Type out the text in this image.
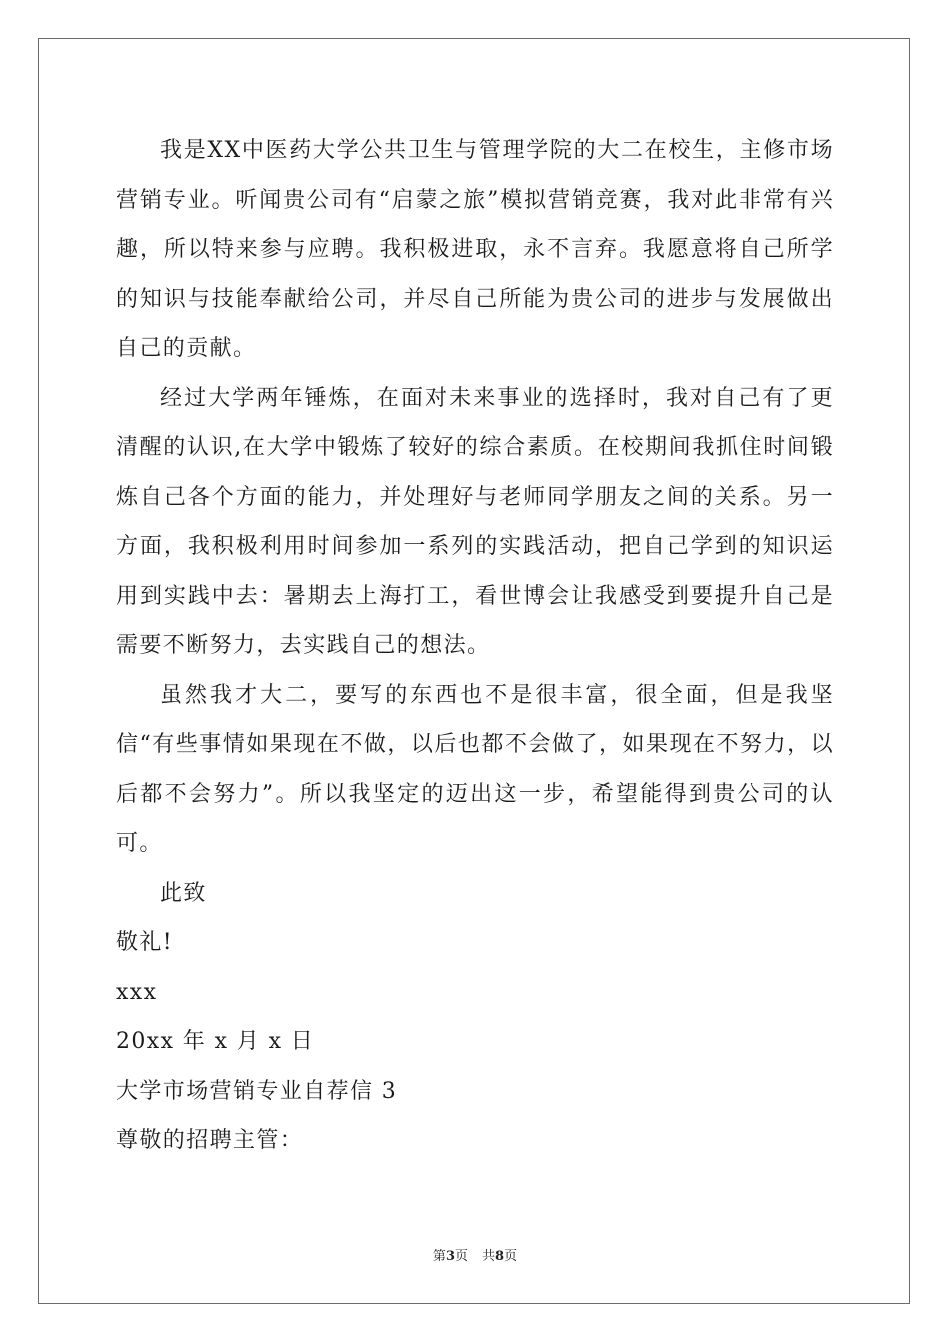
我是XX中医药大学公共卫生与管理学院的大二在校生，主修市场营销专业。听闻贵公司有“启蒙之旅”模拟营销竞赛，我对此非常有兴趣，所以特来参与应聘。我积极进取，永不言弃。我愿意将自己所学的知识与技能奉献给公司，并尽自己所能为贵公司的进步与发展做出自己的贡献。

经过大学两年锤炼，在面对未来事业的选择时，我对自己有了更清醒的认识,在大学中锻炼了较好的综合素质。在校期间我抓住时间锻炼自己各个方面的能力，并处理好与老师同学朋友之间的关系。另一方面，我积极利用时间参加一系列的实践活动，把自己学到的知识运用到实践中去：暑期去上海打工，看世博会让我感受到要提升自己是需要不断努力，去实践自己的想法。

虽然我才大二，要写的东西也不是很丰富，很全面，但是我坚信“有些事情如果现在不做，以后也都不会做了，如果现在不努力，以后都不会努力”。所以我坚定的迈出这一步，希望能得到贵公司的认可。

此致

敬礼!

xxx

20xx 年 x 月 x 日

大学市场营销专业自荐信 3

尊敬的招聘主管：

第3页 共8页
